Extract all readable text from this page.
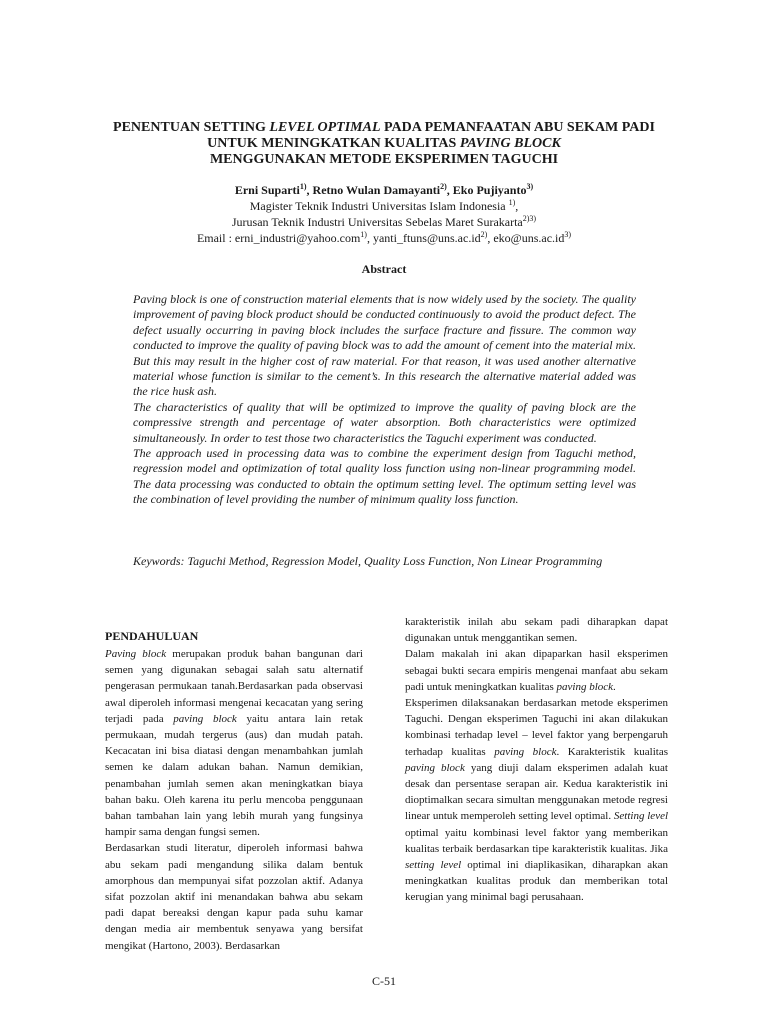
PENENTUAN SETTING LEVEL OPTIMAL PADA PEMANFAATAN ABU SEKAM PADI
UNTUK MENINGKATKAN KUALITAS PAVING BLOCK
MENGGUNAKAN METODE EKSPERIMEN TAGUCHI
Erni Suparti$^{1)}$, Retno Wulan Damayanti$^{2)}$, Eko Pujiyanto$^{3)}$
Magister Teknik Industri Universitas Islam Indonesia $^{1)}$,
Jurusan Teknik Industri Universitas Sebelas Maret Surakarta$^{2)3)}$
Email : erni_industri@yahoo.com$^{1)}$, $yanti\_ftuns@uns.ac.id^{2)}$, $eko@uns.ac.id^{3)}$
Abstract

Paving block is one of construction material elements that is now widely used by the society. The quality improvement of paving block product should be conducted continuously to avoid the product defect. The defect usually occurring in paving block includes the surface fracture and fissure. The common way conducted to improve the quality of paving block was to add the amount of cement into the material mix. But this may result in the higher cost of raw material. For that reason, it was used another alternative material whose function is similar to the cement’s. In this research the alternative material added was the rice husk ash.

The characteristics of quality that will be optimized to improve the quality of paving block are the compressive strength and percentage of water absorption. Both characteristics were optimized simultaneously. In order to test those two characteristics the Taguchi experiment was conducted.

The approach used in processing data was to combine the experiment design from Taguchi method, regression model and optimization of total quality loss function using non-linear programming model. The data processing was conducted to obtain the optimum setting level. The optimum setting level was the combination of level providing the number of minimum quality loss function.

Keywords: Taguchi Method, Regression Model, Quality Loss Function, Non Linear Programming
PENDAHULUAN

Paving block merupakan produk bahan bangunan dari semen yang digunakan sebagai salah satu alternatif pengerasan permukaan tanah.Berdasarkan pada observasi awal diperoleh informasi mengenai kecacatan yang sering terjadi pada paving block yaitu antara lain retak permukaan, mudah tergerus (aus) dan mudah patah. Kecacatan ini bisa diatasi dengan menambahkan jumlah semen ke dalam adukan bahan. Namun demikian, penambahan jumlah semen akan meningkatkan biaya bahan baku. Oleh karena itu perlu mencoba penggunaan bahan tambahan lain yang lebih murah yang fungsinya hampir sama dengan fungsi semen.

Berdasarkan studi literatur, diperoleh informasi bahwa abu sekam padi mengandung silika dalam bentuk amorphous dan mempunyai sifat pozzolan aktif. Adanya sifat pozzolan aktif ini menandakan bahwa abu sekam padi dapat bereaksi dengan kapur pada suhu kamar dengan media air membentuk senyawa yang bersifat mengikat (Hartono, 2003). Berdasarkan

karakteristik inilah abu sekam padi diharapkan dapat digunakan untuk menggantikan semen.

Dalam makalah ini akan dipaparkan hasil eksperimen sebagai bukti secara empiris mengenai manfaat abu sekam padi untuk meningkatkan kualitas paving block.

Eksperimen dilaksanakan berdasarkan metode eksperimen Taguchi. Dengan eksperimen Taguchi ini akan dilakukan kombinasi terhadap level – level faktor yang berpengaruh terhadap kualitas paving block. Karakteristik kualitas paving block yang diuji dalam eksperimen adalah kuat desak dan persentase serapan air. Kedua karakteristik ini dioptimalkan secara simultan menggunakan metode regresi linear untuk memperoleh setting level optimal. Setting level optimal yaitu kombinasi level faktor yang memberikan kualitas terbaik berdasarkan tipe karakteristik kualitas. Jika setting level optimal ini diaplikasikan, diharapkan akan meningkatkan kualitas produk dan memberikan total kerugian yang minimal bagi perusahaan.

C-51
